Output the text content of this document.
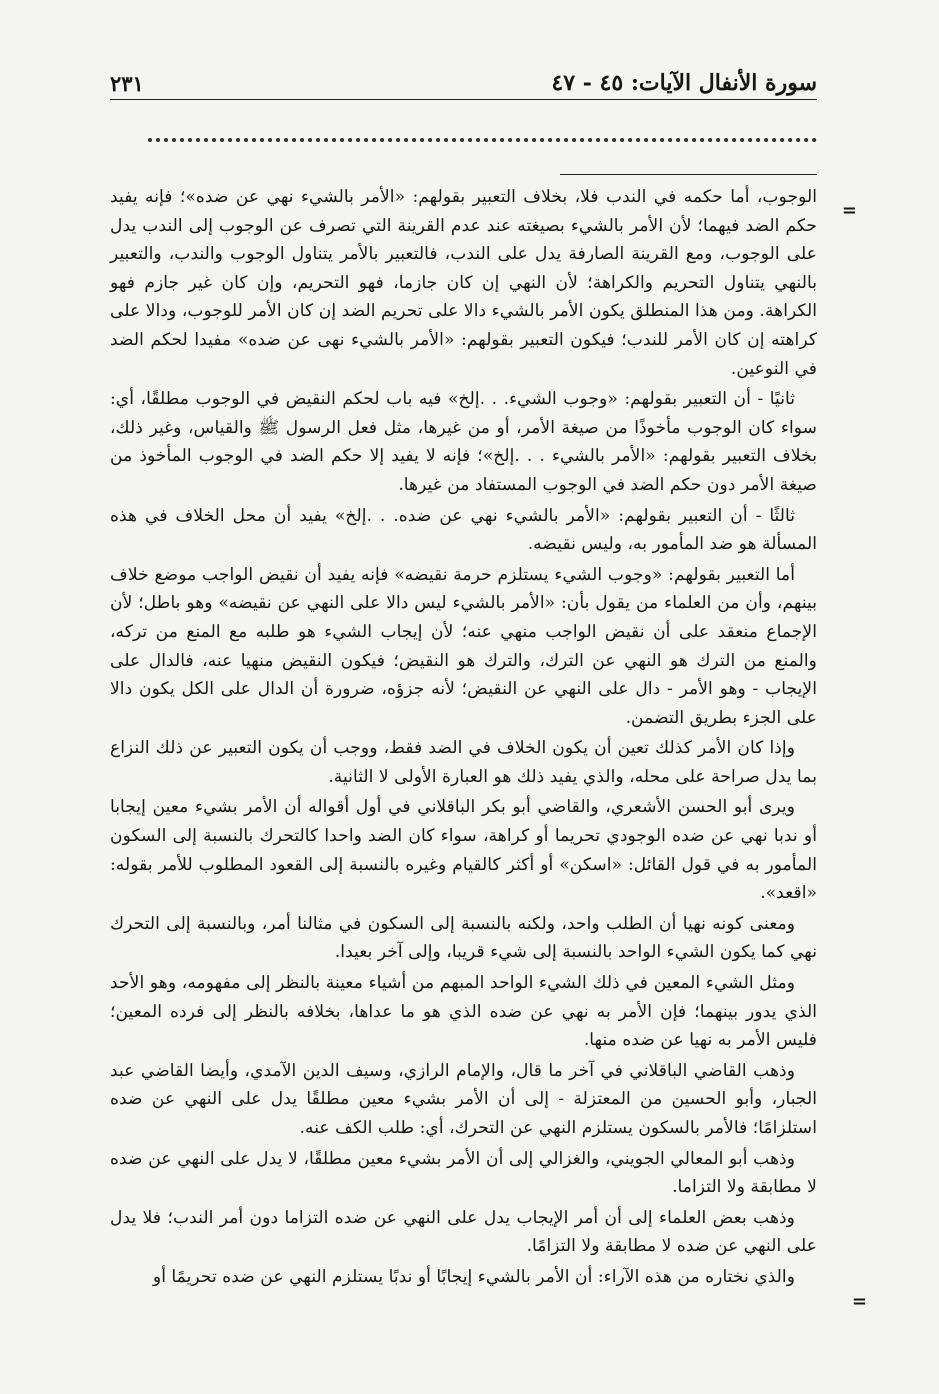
سورة الأنفال الآيات: ٤٥ - ٤٧
٢٣١
=
=

الوجوب، أما حكمه في الندب فلا، بخلاف التعبير بقولهم: «الأمر بالشيء نهي عن ضده»؛ فإنه يفيد حكم الضد فيهما؛ لأن الأمر بالشيء بصيغته عند عدم القرينة التي تصرف عن الوجوب إلى الندب يدل على الوجوب، ومع القرينة الصارفة يدل على الندب، فالتعبير بالأمر يتناول الوجوب والندب، والتعبير بالنهي يتناول التحريم والكراهة؛ لأن النهي إن كان جازما، فهو التحريم، وإن كان غير جازم فهو الكراهة. ومن هذا المنطلق يكون الأمر بالشيء دالا على تحريم الضد إن كان الأمر للوجوب، ودالا على كراهته إن كان الأمر للندب؛ فيكون التعبير بقولهم: «الأمر بالشيء نهى عن ضده» مفيدا لحكم الضد في النوعين.

ثانيًا - أن التعبير بقولهم: «وجوب الشيء. . .إلخ» فيه باب لحكم النقيض في الوجوب مطلقًا، أي: سواء كان الوجوب مأخوذًا من صيغة الأمر، أو من غيرها، مثل فعل الرسول ﷺ والقياس، وغير ذلك، بخلاف التعبير بقولهم: «الأمر بالشيء . . .إلخ»؛ فإنه لا يفيد إلا حكم الضد في الوجوب المأخوذ من صيغة الأمر دون حكم الضد في الوجوب المستفاد من غيرها.

ثالثًا - أن التعبير بقولهم: «الأمر بالشيء نهي عن ضده. . .إلخ» يفيد أن محل الخلاف في هذه المسألة هو ضد المأمور به، وليس نقيضه.

أما التعبير بقولهم: «وجوب الشيء يستلزم حرمة نقيضه» فإنه يفيد أن نقيض الواجب موضع خلاف بينهم، وأن من العلماء من يقول بأن: «الأمر بالشيء ليس دالا على النهي عن نقيضه» وهو باطل؛ لأن الإجماع منعقد على أن نقيض الواجب منهي عنه؛ لأن إيجاب الشيء هو طلبه مع المنع من تركه، والمنع من الترك هو النهي عن الترك، والترك هو النقيض؛ فيكون النقيض منهيا عنه، فالدال على الإيجاب - وهو الأمر - دال على النهي عن النقيض؛ لأنه جزؤه، ضرورة أن الدال على الكل يكون دالا على الجزء بطريق التضمن.

وإذا كان الأمر كذلك تعين أن يكون الخلاف في الضد فقط، ووجب أن يكون التعبير عن ذلك النزاع بما يدل صراحة على محله، والذي يفيد ذلك هو العبارة الأولى لا الثانية.

ويرى أبو الحسن الأشعري، والقاضي أبو بكر الباقلاني في أول أقواله أن الأمر بشيء معين إيجابا أو ندبا نهي عن ضده الوجودي تحريما أو كراهة، سواء كان الضد واحدا كالتحرك بالنسبة إلى السكون المأمور به في قول القائل: «اسكن» أو أكثر كالقيام وغيره بالنسبة إلى القعود المطلوب للأمر بقوله: «اقعد».

ومعنى كونه نهيا أن الطلب واحد، ولكنه بالنسبة إلى السكون في مثالنا أمر، وبالنسبة إلى التحرك نهي كما يكون الشيء الواحد بالنسبة إلى شيء قريبا، وإلى آخر بعيدا.

ومثل الشيء المعين في ذلك الشيء الواحد المبهم من أشياء معينة بالنظر إلى مفهومه، وهو الأحد الذي يدور بينهما؛ فإن الأمر به نهي عن ضده الذي هو ما عداها، بخلافه بالنظر إلى فرده المعين؛ فليس الأمر به نهيا عن ضده منها.

وذهب القاضي الباقلاني في آخر ما قال، والإمام الرازي، وسيف الدين الآمدي، وأيضا القاضي عبد الجبار، وأبو الحسين من المعتزلة - إلى أن الأمر بشيء معين مطلقًا يدل على النهي عن ضده استلزامًا؛ فالأمر بالسكون يستلزم النهي عن التحرك، أي: طلب الكف عنه.

وذهب أبو المعالي الجويني، والغزالي إلى أن الأمر بشيء معين مطلقًا، لا يدل على النهي عن ضده لا مطابقة ولا التزاما.

وذهب بعض العلماء إلى أن أمر الإيجاب يدل على النهي عن ضده التزاما دون أمر الندب؛ فلا يدل على النهي عن ضده لا مطابقة ولا التزامًا.

والذي نختاره من هذه الآراء: أن الأمر بالشيء إيجابًا أو ندبًا يستلزم النهي عن ضده تحريمًا أو
